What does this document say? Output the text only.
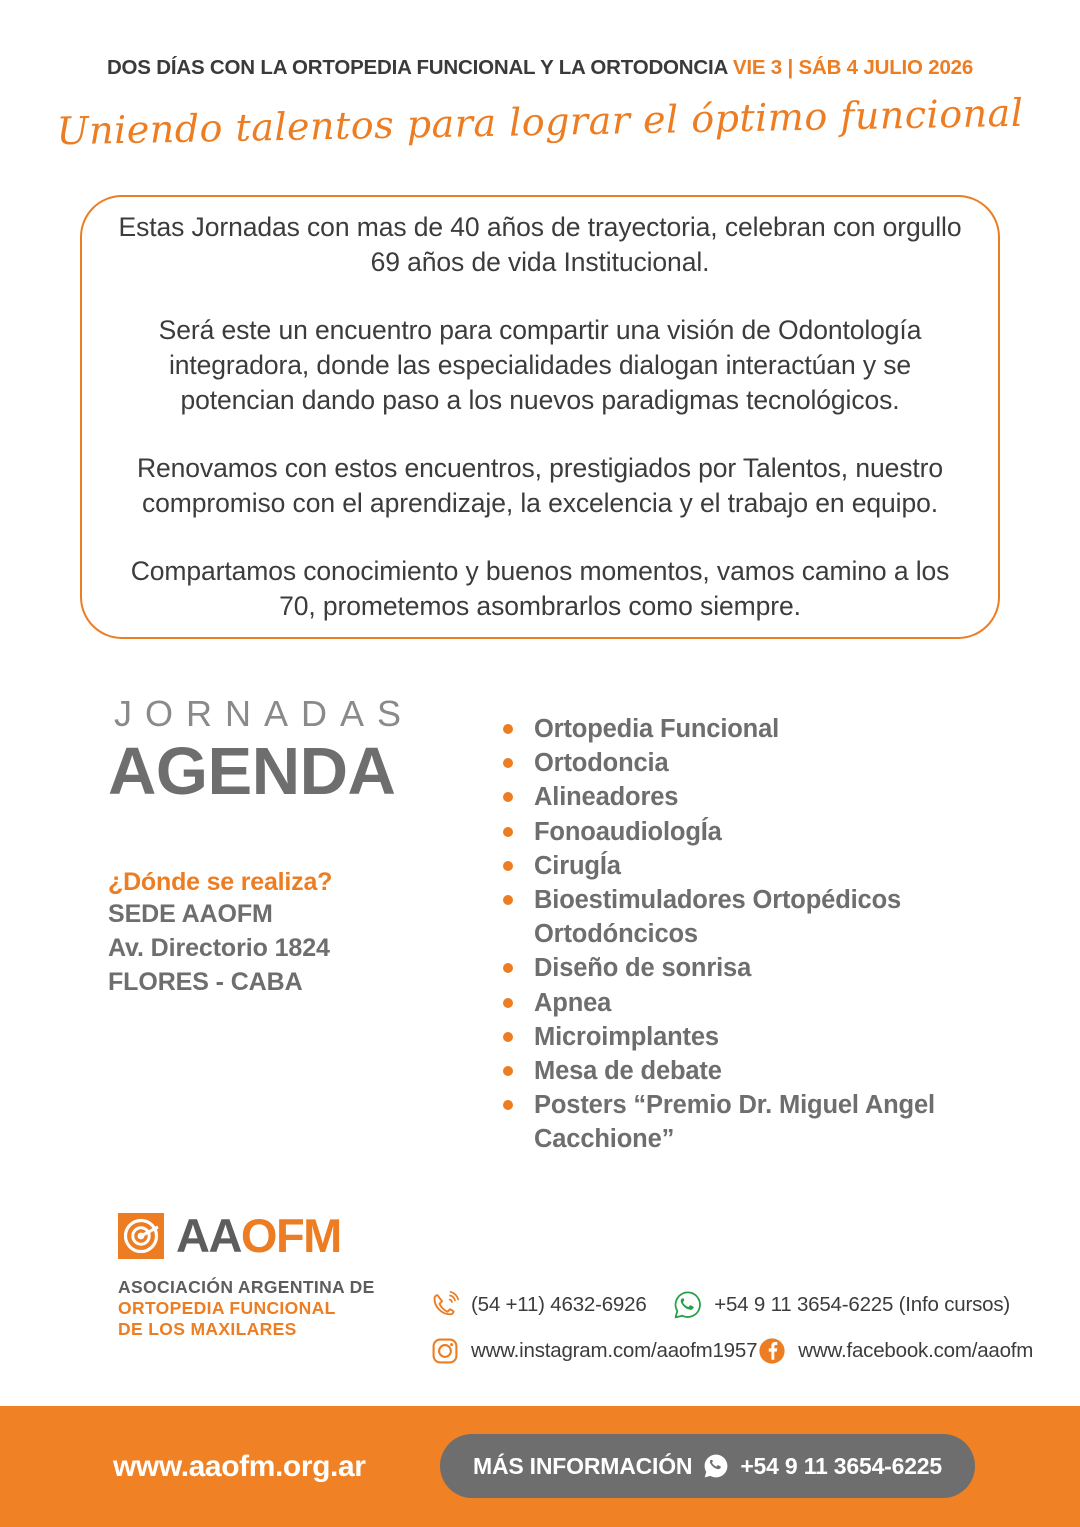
DOS DÍAS CON LA ORTOPEDIA FUNCIONAL Y LA ORTODONCIA VIE 3 | SÁB 4 JULIO 2026
Uniendo talentos para lograr el óptimo funcional

Estas Jornadas con mas de 40 años de trayectoria, celebran con orgullo 69 años de vida Institucional.

Será este un encuentro para compartir una visión de Odontología integradora, donde las especialidades dialogan interactúan y se potencian dando paso a los nuevos paradigmas tecnológicos.

Renovamos con estos encuentros, prestigiados por Talentos, nuestro compromiso con el aprendizaje, la excelencia y el trabajo en equipo.

Compartamos conocimiento y buenos momentos, vamos camino a los 70, prometemos asombrarlos como siempre.

JORNADAS
AGENDA
¿Dónde se realiza?
SEDE AAOFM
Av. Directorio 1824
FLORES - CABA
Ortopedia Funcional
Ortodoncia
Alineadores
FonoaudiologÍa
CirugÍa
Bioestimuladores Ortopédicos Ortodóncicos
Diseño de sonrisa
Apnea
Microimplantes
Mesa de debate
Posters “Premio Dr. Miguel Angel Cacchione”
AAOFM
ASOCIACIÓN ARGENTINA DE
ORTOPEDIA FUNCIONAL
DE LOS MAXILARES
(54 +11) 4632-6926	+54 9 11 3654-6225 (Info cursos)
www.instagram.com/aaofm1957 www.facebook.com/aaofm
www.aaofm.org.ar	MÁS INFORMACIÓN +54 9 11 3654-6225
